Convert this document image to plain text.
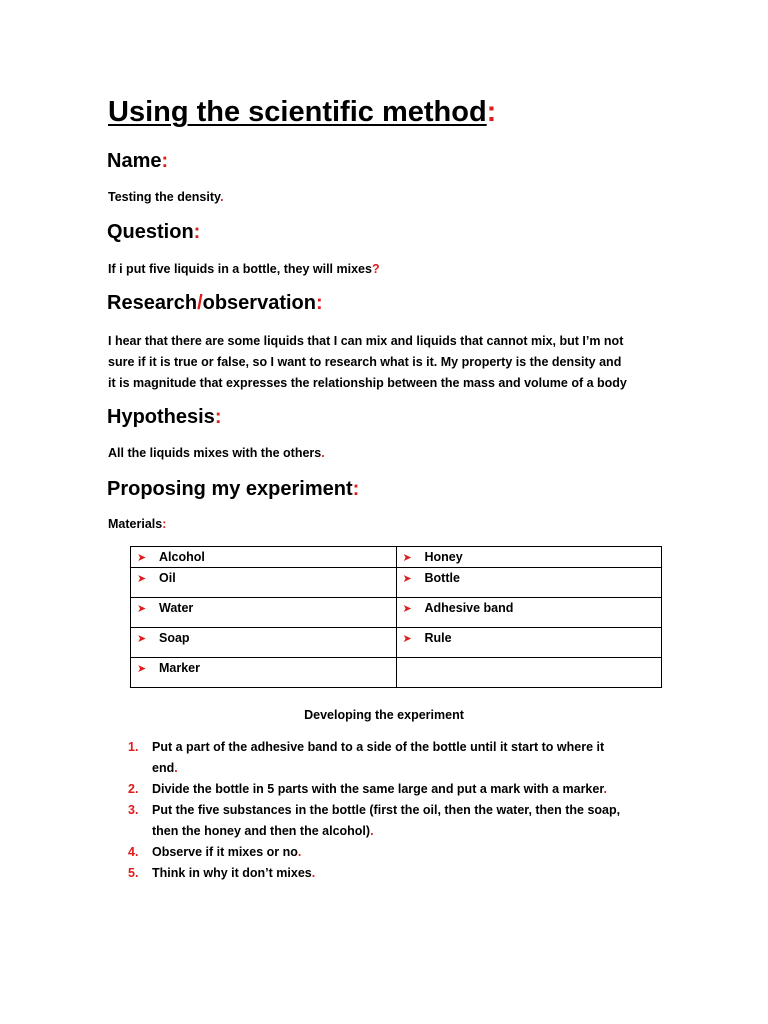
Using the scientific method:
Name:

Testing the density.

Question:

If i put five liquids in a bottle, they will mixes?

Research/observation:

I hear that there are some liquids that I can mix and liquids that cannot mix, but I’m not
sure if it is true or false, so I want to research what is it. My property is the density and
it is magnitude that expresses the relationship between the mass and volume of a body

Hypothesis:

All the liquids mixes with the others.

Proposing my experiment:

Materials:

➤ Alcohol	➤ Honey

➤ Oil	➤ Bottle

➤ Water	➤ Adhesive band

➤ Soap	➤ Rule

➤ Marker	

Developing the experiment

1. Put a part of the adhesive band to a side of the bottle until it start to where it
end.
2. Divide the bottle in 5 parts with the same large and put a mark with a marker.
3. Put the five substances in the bottle (first the oil, then the water, then the soap,
then the honey and then the alcohol).
4. Observe if it mixes or no.
5. Think in why it don’t mixes.
